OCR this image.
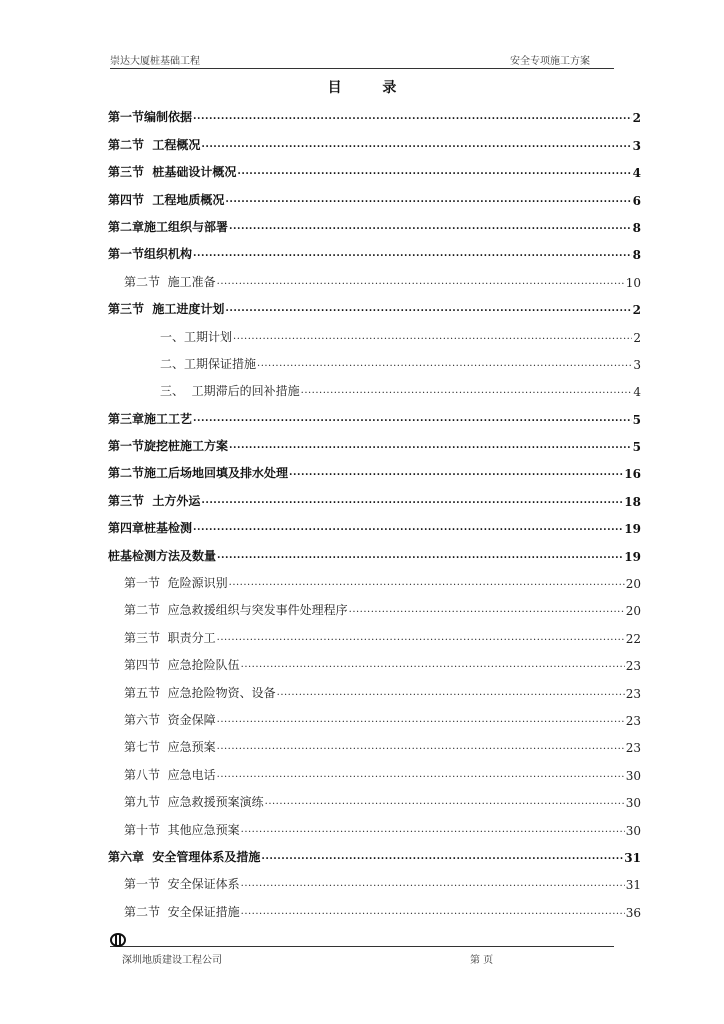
崇达大厦桩基础工程	安全专项施工方案
目 录
第一节编制依据 .....	2
第二节  工程概况 .....	3
第三节  桩基础设计概况 .....	4
第四节  工程地质概况 .....	6
第二章施工组织与部署 .....	8
第一节组织机构 .....	8
第二节  施工准备 .....	10
第三节  施工进度计划 .....	2
一、工期计划 .....	2
二、工期保证措施 .....	3
三、  工期滞后的回补措施 .....	4
第三章施工工艺 .....	5
第一节旋挖桩施工方案 .....	5
第二节施工后场地回填及排水处理 .....	16
第三节  土方外运 .....	18
第四章桩基检测 .....	19
桩基检测方法及数量 .....	19
第一节  危险源识别 .....	20
第二节  应急救援组织与突发事件处理程序 .....	20
第三节  职责分工 .....	22
第四节  应急抢险队伍 .....	23
第五节  应急抢险物资、设备 .....	23
第六节  资金保障 .....	23
第七节  应急预案 .....	23
第八节  应急电话 .....	30
第九节  应急救援预案演练 .....	30
第十节  其他应急预案 .....	30
第六章  安全管理体系及措施 .....	31
第一节  安全保证体系 .....	31
第二节  安全保证措施 .....	36
深圳地质建设工程公司	第 页
